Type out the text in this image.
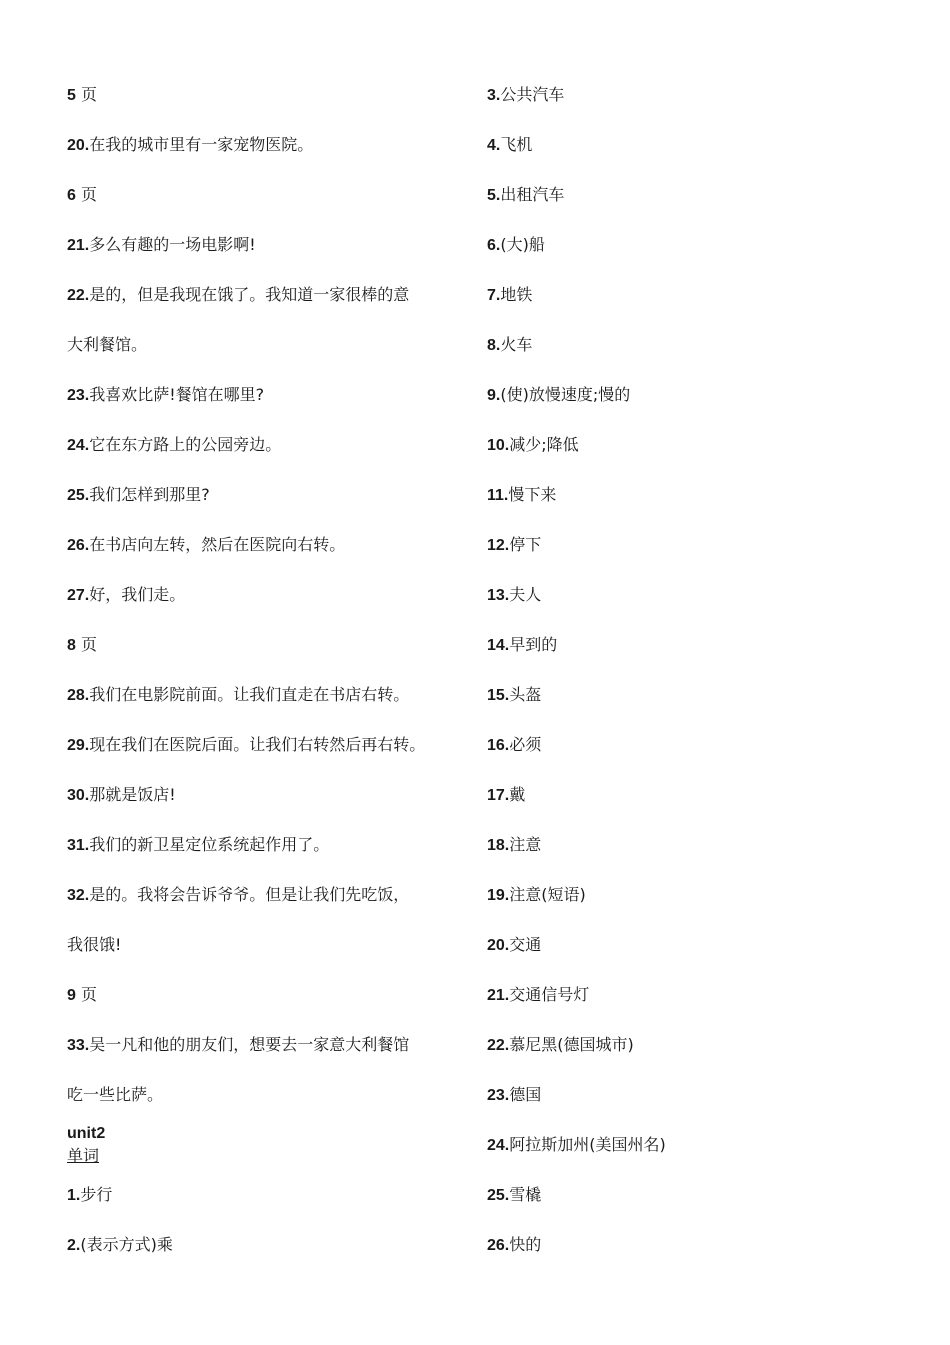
5 页
20.在我的城市里有一家宠物医院。
6 页
21.多么有趣的一场电影啊!
22.是的，但是我现在饿了。我知道一家很棒的意
大利餐馆。
23.我喜欢比萨!餐馆在哪里?
24.它在东方路上的公园旁边。
25.我们怎样到那里?
26.在书店向左转，然后在医院向右转。
27.好，我们走。
8 页
28.我们在电影院前面。让我们直走在书店右转。
29.现在我们在医院后面。让我们右转然后再右转。
30.那就是饭店!
31.我们的新卫星定位系统起作用了。
32.是的。我将会告诉爷爷。但是让我们先吃饭，
我很饿!
9 页
33.吴一凡和他的朋友们，想要去一家意大利餐馆
吃一些比萨。
unit2
单词
1.步行
2.(表示方式)乘
3.公共汽车
4.飞机
5.出租汽车
6.(大)船
7.地铁
8.火车
9.(使)放慢速度;慢的
10.减少;降低
11.慢下来
12.停下
13.夫人
14.早到的
15.头盔
16.必须
17.戴
18.注意
19.注意(短语)
20.交通
21.交通信号灯
22.慕尼黑(德国城市)
23.德国
24.阿拉斯加州(美国州名)
25.雪橇
26.快的
